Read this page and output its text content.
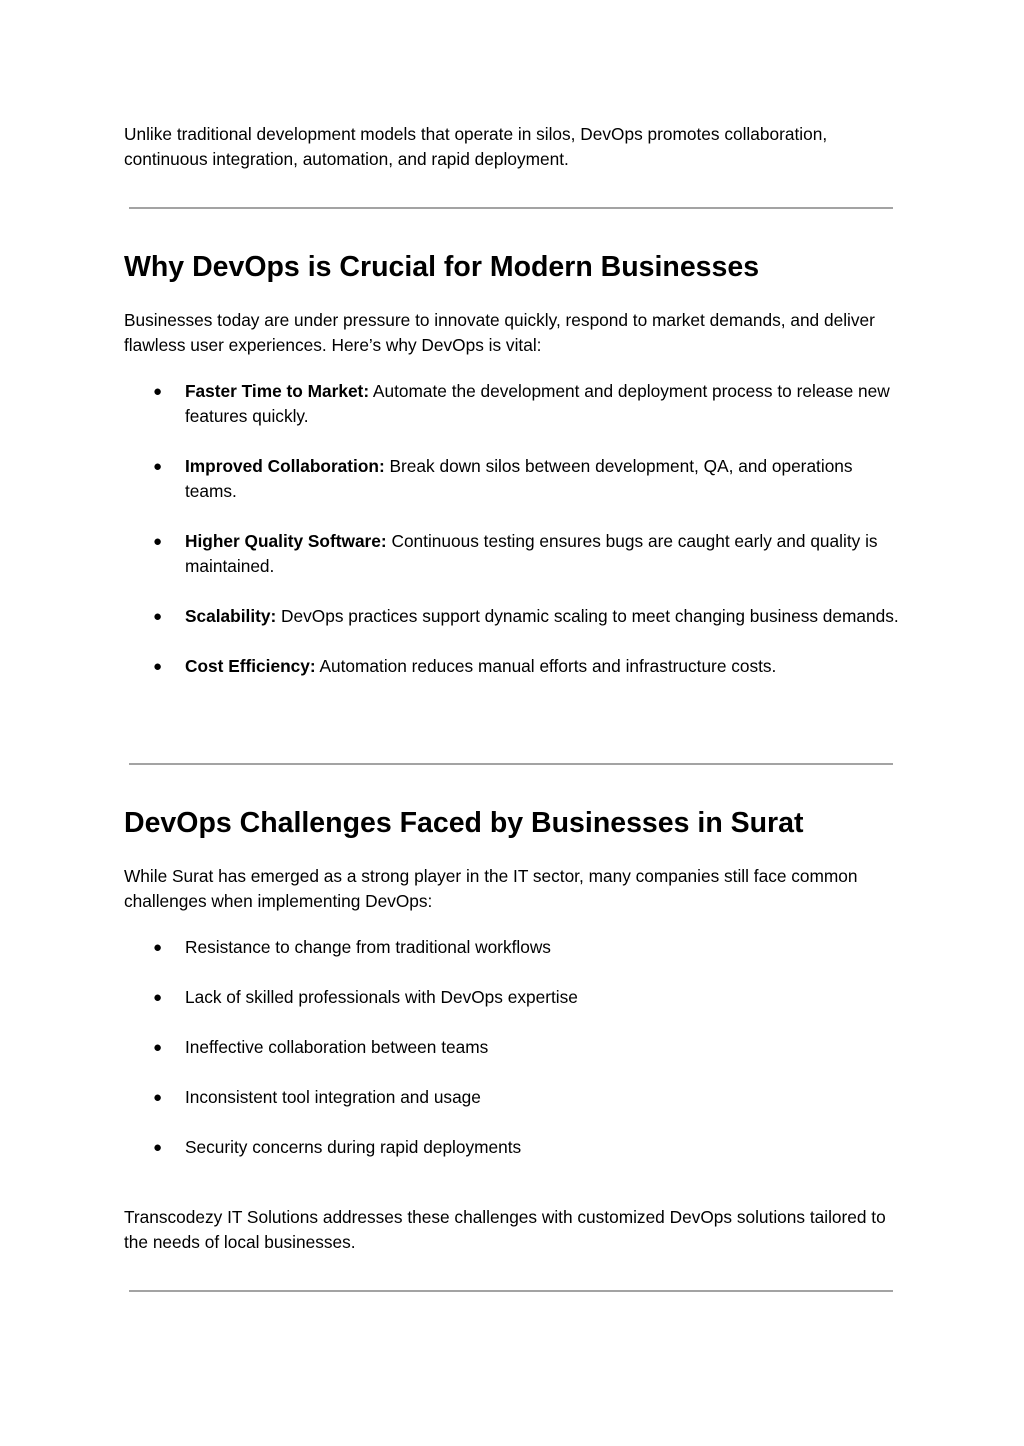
Unlike traditional development models that operate in silos, DevOps promotes collaboration, continuous integration, automation, and rapid deployment.

Why DevOps is Crucial for Modern Businesses

Businesses today are under pressure to innovate quickly, respond to market demands, and deliver flawless user experiences. Here’s why DevOps is vital:

● Faster Time to Market: Automate the development and deployment process to release new features quickly.
● Improved Collaboration: Break down silos between development, QA, and operations teams.
● Higher Quality Software: Continuous testing ensures bugs are caught early and quality is maintained.
● Scalability: DevOps practices support dynamic scaling to meet changing business demands.
● Cost Efficiency: Automation reduces manual efforts and infrastructure costs.
DevOps Challenges Faced by Businesses in Surat

While Surat has emerged as a strong player in the IT sector, many companies still face common challenges when implementing DevOps:

● Resistance to change from traditional workflows
● Lack of skilled professionals with DevOps expertise
● Ineffective collaboration between teams
● Inconsistent tool integration and usage
● Security concerns during rapid deployments

Transcodezy IT Solutions addresses these challenges with customized DevOps solutions tailored to the needs of local businesses.
